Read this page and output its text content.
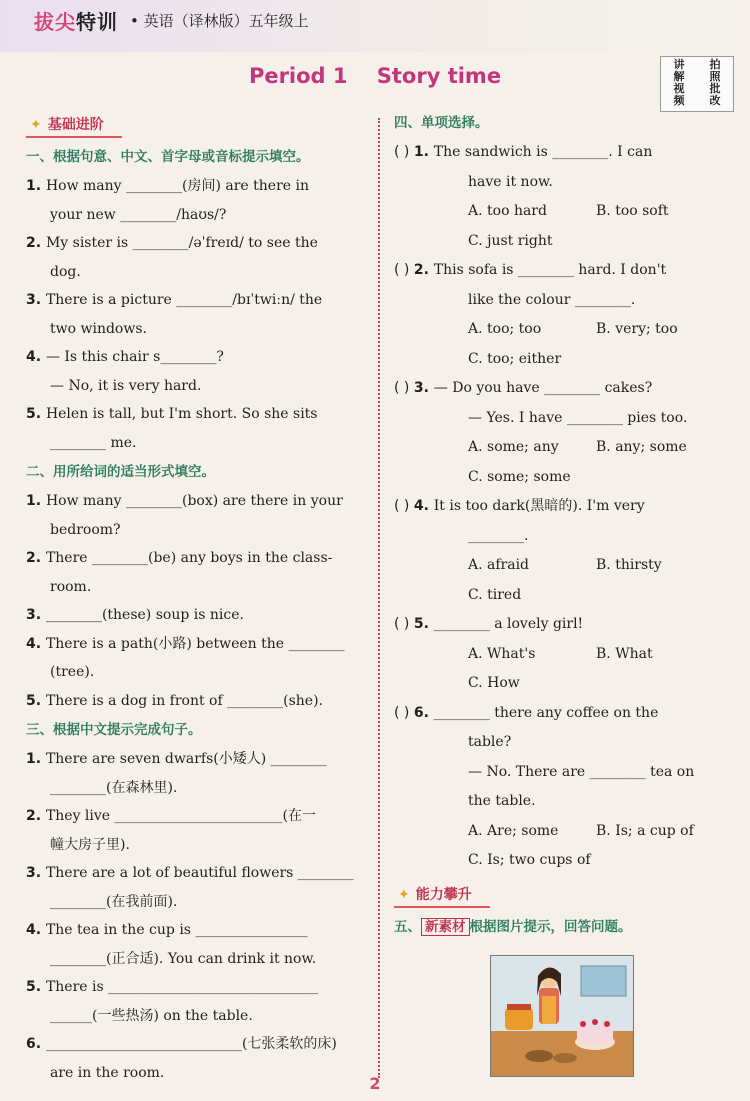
拔尖特训 • 英语（译林版）五年级上
讲
解
视
频
拍
照
批
改
Period 1    Story time
✦ 基础进阶
一、根据句意、中文、首字母或音标提示填空。
1. How many ________(房间) are there in
your new ________/haʊs/?
2. My sister is ________/əˈfreɪd/ to see the
dog.
3. There is a picture ________/bɪˈtwiːn/ the
two windows.
4. — Is this chair s________?
— No, it is very hard.
5. Helen is tall, but I'm short. So she sits
________ me.
二、用所给词的适当形式填空。
1. How many ________(box) are there in your
bedroom?
2. There ________(be) any boys in the class-
room.
3. ________(these) soup is nice.
4. There is a path(小路) between the ________
(tree).
5. There is a dog in front of ________(she).
三、根据中文提示完成句子。
1. There are seven dwarfs(小矮人) ________
________(在森林里).
2. They live ________________________(在一
幢大房子里).
3. There are a lot of beautiful flowers ________
________(在我前面).
4. The tea in the cup is ________________
________(正合适). You can drink it now.
5. There is ______________________________
______(一些热汤) on the table.
6. ____________________________(七张柔软的床)
are in the room.
四、单项选择。
( ) 1. The sandwich is ________. I can
have it now.
A. too hard	B. too soft
C. just right
( ) 2. This sofa is ________ hard. I don't
like the colour ________.
A. too; too	B. very; too
C. too; either
( ) 3. — Do you have ________ cakes?
— Yes. I have ________ pies too.
A. some; any	B. any; some
C. some; some
( ) 4. It is too dark(黑暗的). I'm very
________.
A. afraid	B. thirsty
C. tired
( ) 5. ________ a lovely girl!
A. What's	B. What
C. How
( ) 6. ________ there any coffee on the
table?
— No. There are ________ tea on
the table.
A. Are; some	B. Is; a cup of
C. Is; two cups of
✦ 能力攀升
五、 新素材 根据图片提示，回答问题。
2
